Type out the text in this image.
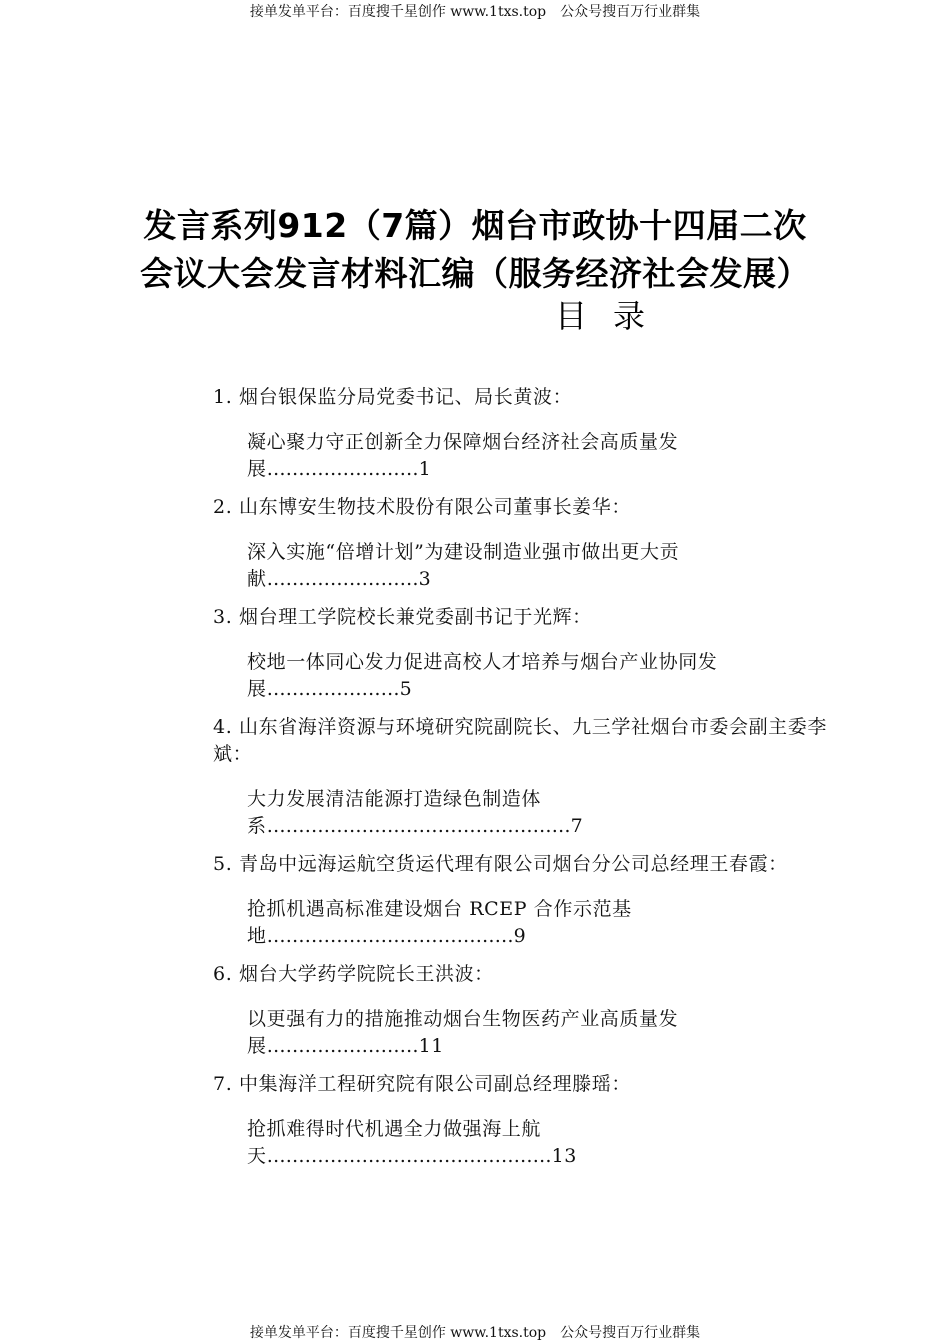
接单发单平台：百度搜千星创作 www.1txs.top 公众号搜百万行业群集
发言系列912（7篇）烟台市政协十四届二次
会议大会发言材料汇编（服务经济社会发展）
目录
1. 烟台银保监分局党委书记、局长黄波：
凝心聚力守正创新全力保障烟台经济社会高质量发
展……………………1
2. 山东博安生物技术股份有限公司董事长姜华：
深入实施“倍增计划”为建设制造业强市做出更大贡
献……………………3
3. 烟台理工学院校长兼党委副书记于光辉：
校地一体同心发力促进高校人才培养与烟台产业协同发
展…………………5
4. 山东省海洋资源与环境研究院副院长、九三学社烟台市委会副主委李斌：
大力发展清洁能源打造绿色制造体
系…………………………………………7
5. 青岛中远海运航空货运代理有限公司烟台分公司总经理王春霞：
抢抓机遇高标准建设烟台 RCEP 合作示范基
地…………………………………9
6. 烟台大学药学院院长王洪波：
以更强有力的措施推动烟台生物医药产业高质量发
展……………………11
7. 中集海洋工程研究院有限公司副总经理滕瑶：
抢抓难得时代机遇全力做强海上航
天………………………………………13
接单发单平台：百度搜千星创作 www.1txs.top 公众号搜百万行业群集
